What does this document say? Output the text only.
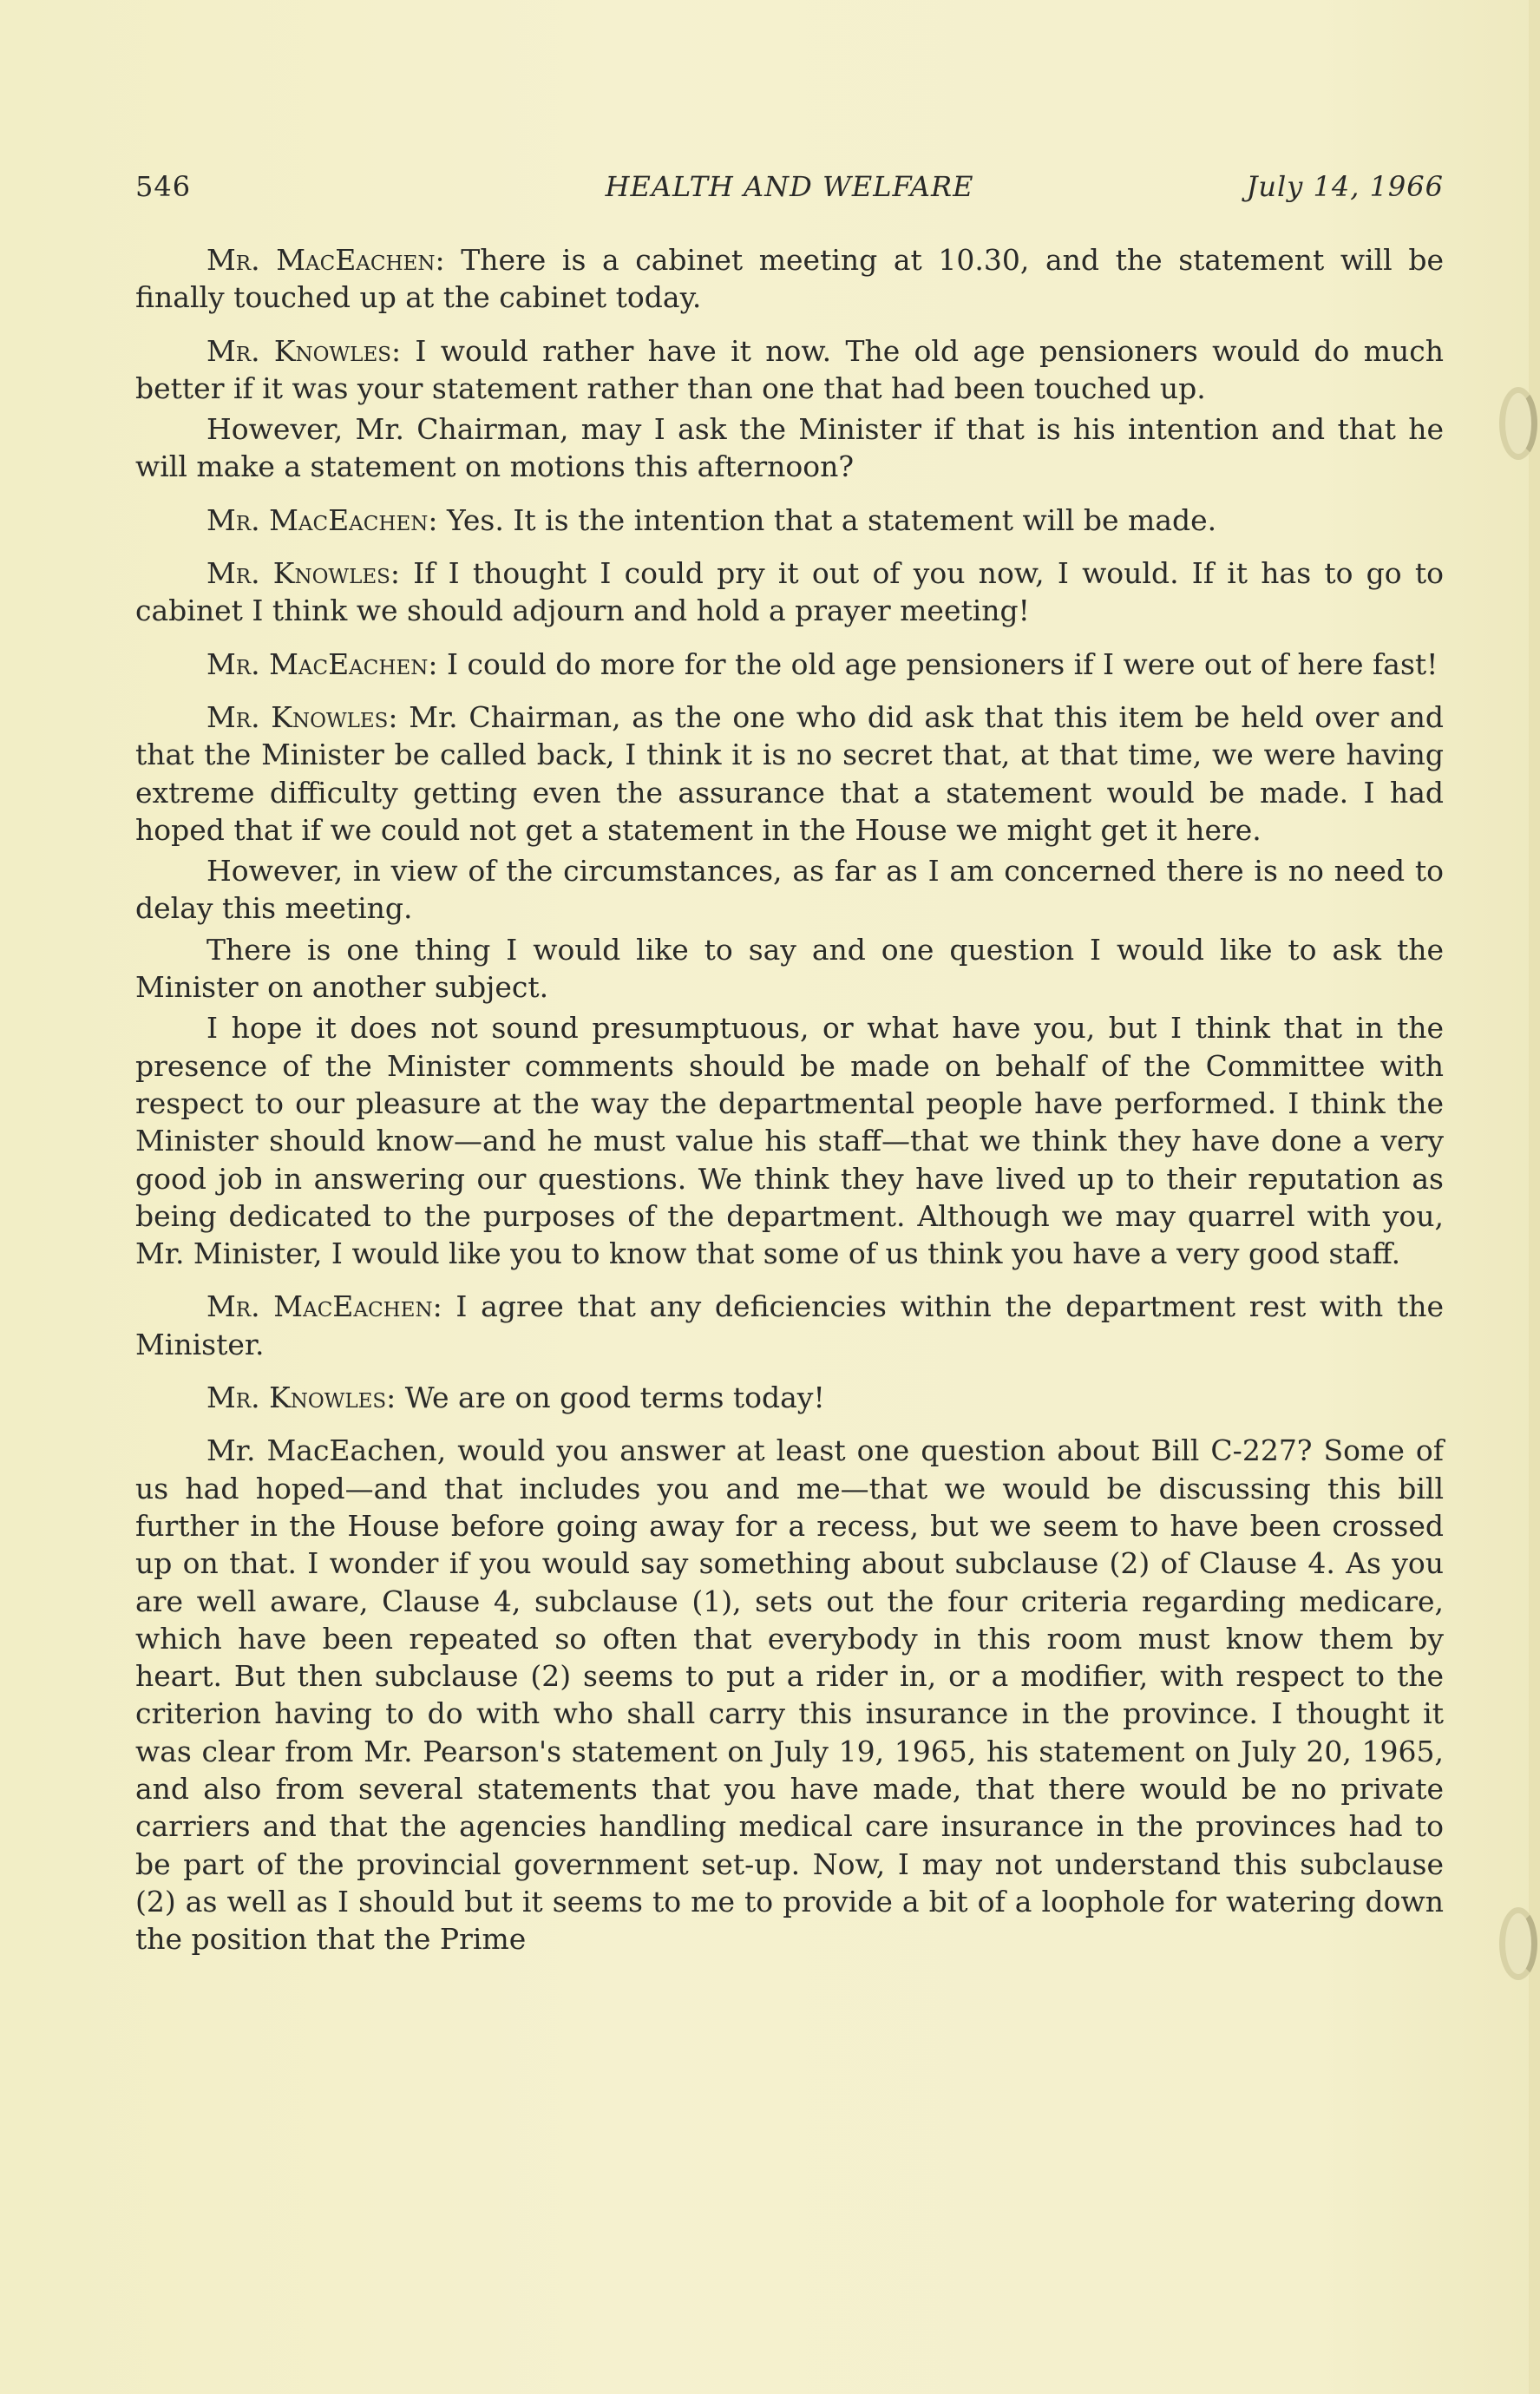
546	HEALTH AND WELFARE	July 14, 1966

Mr. MacEachen: There is a cabinet meeting at 10.30, and the statement will be finally touched up at the cabinet today.

Mr. Knowles: I would rather have it now. The old age pensioners would do much better if it was your statement rather than one that had been touched up.

However, Mr. Chairman, may I ask the Minister if that is his intention and that he will make a statement on motions this afternoon?

Mr. MacEachen: Yes. It is the intention that a statement will be made.

Mr. Knowles: If I thought I could pry it out of you now, I would. If it has to go to cabinet I think we should adjourn and hold a prayer meeting!

Mr. MacEachen: I could do more for the old age pensioners if I were out of here fast!

Mr. Knowles: Mr. Chairman, as the one who did ask that this item be held over and that the Minister be called back, I think it is no secret that, at that time, we were having extreme difficulty getting even the assurance that a statement would be made. I had hoped that if we could not get a statement in the House we might get it here.

However, in view of the circumstances, as far as I am concerned there is no need to delay this meeting.

There is one thing I would like to say and one question I would like to ask the Minister on another subject.

I hope it does not sound presumptuous, or what have you, but I think that in the presence of the Minister comments should be made on behalf of the Committee with respect to our pleasure at the way the departmental people have performed. I think the Minister should know—and he must value his staff—that we think they have done a very good job in answering our questions. We think they have lived up to their reputation as being dedicated to the purposes of the department. Although we may quarrel with you, Mr. Minister, I would like you to know that some of us think you have a very good staff.

Mr. MacEachen: I agree that any deficiencies within the department rest with the Minister.

Mr. Knowles: We are on good terms today!

Mr. MacEachen, would you answer at least one question about Bill C-227? Some of us had hoped—and that includes you and me—that we would be discussing this bill further in the House before going away for a recess, but we seem to have been crossed up on that. I wonder if you would say something about subclause (2) of Clause 4. As you are well aware, Clause 4, subclause (1), sets out the four criteria regarding medicare, which have been repeated so often that everybody in this room must know them by heart. But then subclause (2) seems to put a rider in, or a modifier, with respect to the criterion having to do with who shall carry this insurance in the province. I thought it was clear from Mr. Pearson's statement on July 19, 1965, his statement on July 20, 1965, and also from several statements that you have made, that there would be no private carriers and that the agencies handling medical care insurance in the provinces had to be part of the provincial government set-up. Now, I may not understand this subclause (2) as well as I should but it seems to me to provide a bit of a loophole for watering down the position that the Prime
